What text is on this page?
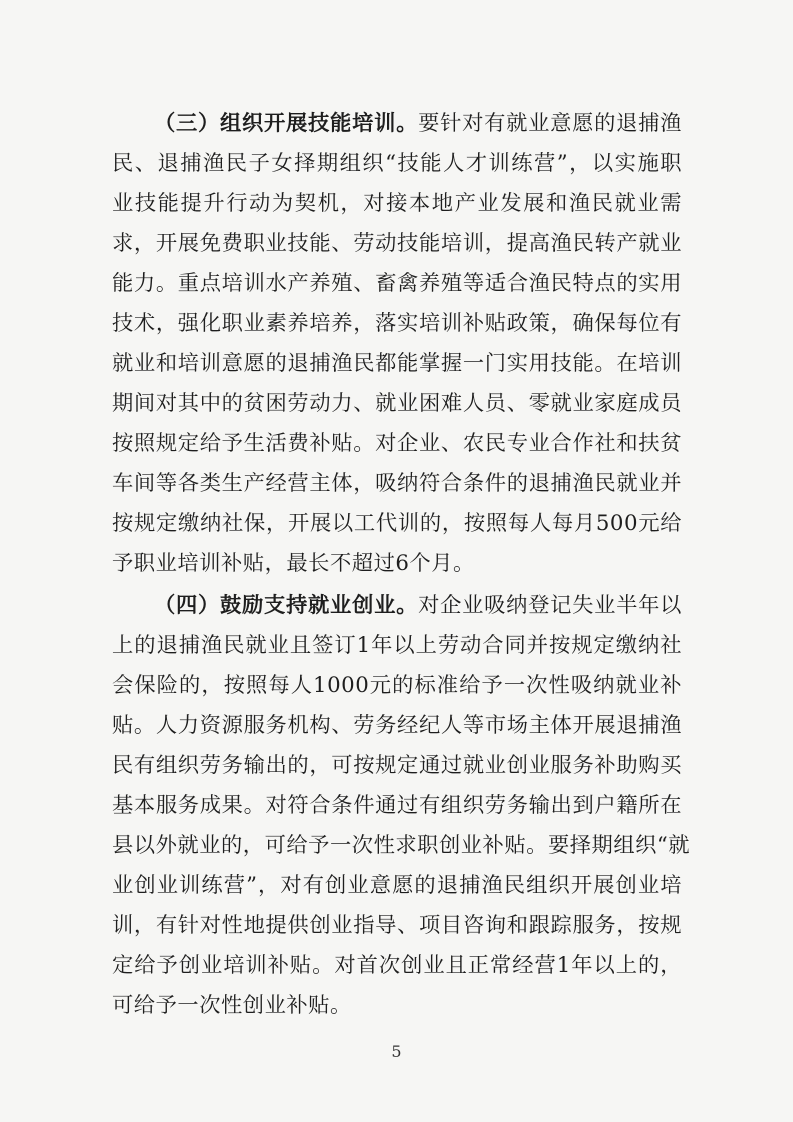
（三）组织开展技能培训。要针对有就业意愿的退捕渔
民、退捕渔民子女择期组织“技能人才训练营”，以实施职
业技能提升行动为契机，对接本地产业发展和渔民就业需
求，开展免费职业技能、劳动技能培训，提高渔民转产就业
能力。重点培训水产养殖、畜禽养殖等适合渔民特点的实用
技术，强化职业素养培养，落实培训补贴政策，确保每位有
就业和培训意愿的退捕渔民都能掌握一门实用技能。在培训
期间对其中的贫困劳动力、就业困难人员、零就业家庭成员
按照规定给予生活费补贴。对企业、农民专业合作社和扶贫
车间等各类生产经营主体，吸纳符合条件的退捕渔民就业并
按规定缴纳社保，开展以工代训的，按照每人每月500元给
予职业培训补贴，最长不超过6个月。
（四）鼓励支持就业创业。对企业吸纳登记失业半年以
上的退捕渔民就业且签订1年以上劳动合同并按规定缴纳社
会保险的，按照每人1000元的标准给予一次性吸纳就业补
贴。人力资源服务机构、劳务经纪人等市场主体开展退捕渔
民有组织劳务输出的，可按规定通过就业创业服务补助购买
基本服务成果。对符合条件通过有组织劳务输出到户籍所在
县以外就业的，可给予一次性求职创业补贴。要择期组织“就
业创业训练营”，对有创业意愿的退捕渔民组织开展创业培
训，有针对性地提供创业指导、项目咨询和跟踪服务，按规
定给予创业培训补贴。对首次创业且正常经营1年以上的，
可给予一次性创业补贴。
5
